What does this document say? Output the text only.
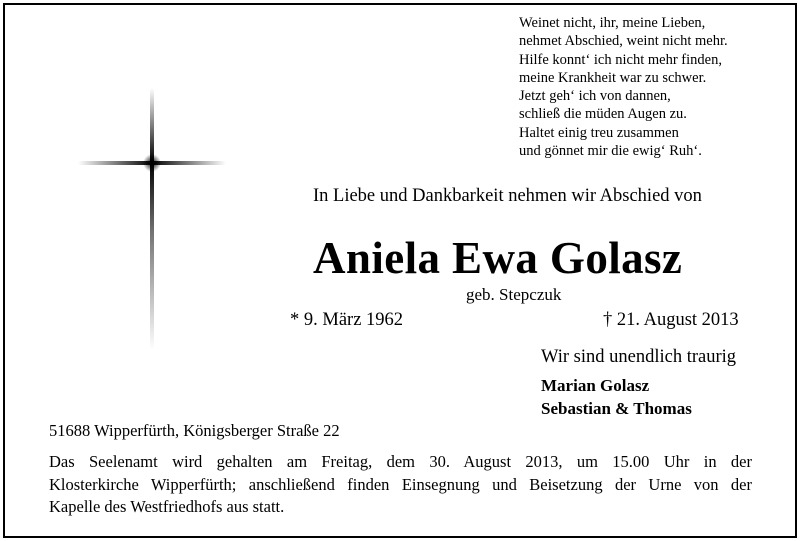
Weinet nicht, ihr, meine Lieben,
nehmet Abschied, weint nicht mehr.
Hilfe konnt‘ ich nicht mehr finden,
meine Krankheit war zu schwer.
Jetzt geh‘ ich von dannen,
schließ die müden Augen zu.
Haltet einig treu zusammen
und gönnet mir die ewig‘ Ruh‘.
In Liebe und Dankbarkeit nehmen wir Abschied von
Aniela Ewa Golasz
geb. Stepczuk
* 9. März 1962	† 21. August 2013
Wir sind unendlich traurig
Marian Golasz
Sebastian & Thomas
51688 Wipperfürth, Königsberger Straße 22
Das Seelenamt wird gehalten am Freitag, dem 30. August 2013, um 15.00 Uhr in der
Klosterkirche Wipperfürth; anschließend finden Einsegnung und Beisetzung der Urne von der
Kapelle des Westfriedhofs aus statt.
